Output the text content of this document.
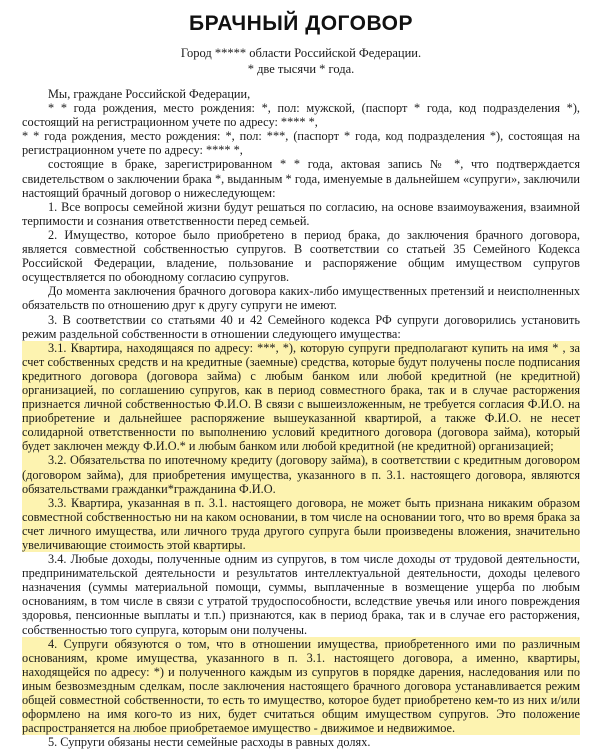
БРАЧНЫЙ ДОГОВОР
Город ***** области Российской Федерации.
* две тысячи * года.

Мы, граждане Российской Федерации,

* * года рождения, место рождения: *, пол: мужской, (паспорт * года, код подразделения *), состоящий на регистрационном учете по адресу: **** *,

* * года рождения, место рождения: *, пол: ***, (паспорт * года, код подразделения *), состоящая на регистрационном учете по адресу: **** *,

состоящие в браке, зарегистрированном * * года, актовая запись № *, что подтверждается свидетельством о заключении брака *, выданным * года, именуемые в дальнейшем «супруги», заключили настоящий брачный договор о нижеследующем:

1. Все вопросы семейной жизни будут решаться по согласию, на основе взаимоуважения, взаимной терпимости и сознания ответственности перед семьей.

2. Имущество, которое было приобретено в период брака, до заключения брачного договора, является совместной собственностью супругов. В соответствии со статьей 35 Семейного Кодекса Российской Федерации, владение, пользование и распоряжение общим имуществом супругов осуществляется по обоюдному согласию супругов.

До момента заключения брачного договора каких-либо имущественных претензий и неисполненных обязательств по отношению друг к другу супруги не имеют.

3. В соответствии со статьями 40 и 42 Семейного кодекса РФ супруги договорились установить режим раздельной собственности в отношении следующего имущества:

3.1. Квартира, находящаяся по адресу: ***, *), которую супруги предполагают купить на имя * , за счет собственных средств и на кредитные (заемные) средства, которые будут получены после подписания кредитного договора (договора займа) с любым банком или любой кредитной (не кредитной) организацией, по соглашению супругов, как в период совместного брака, так и в случае расторжения признается личной собственностью Ф.И.О. В связи с вышеизложенным, не требуется согласия Ф.И.О. на приобретение и дальнейшее распоряжение вышеуказанной квартирой, а также Ф.И.О. не несет солидарной ответственности по выполнению условий кредитного договора (договора займа), который будет заключен между Ф.И.О.* и любым банком или любой кредитной (не кредитной) организацией;

3.2. Обязательства по ипотечному кредиту (договору займа), в соответствии с кредитным договором (договором займа), для приобретения имущества, указанного в п. 3.1. настоящего договора, являются обязательствами гражданки*гражданина Ф.И.О.

3.3. Квартира, указанная в п. 3.1. настоящего договора, не может быть признана никаким образом совместной собственностью ни на каком основании, в том числе на основании того, что во время брака за счет личного имущества, или личного труда другого супруга были произведены вложения, значительно увеличивающие стоимость этой квартиры.

3.4. Любые доходы, полученные одним из супругов, в том числе доходы от трудовой деятельности, предпринимательской деятельности и результатов интеллектуальной деятельности, доходы целевого назначения (суммы материальной помощи, суммы, выплаченные в возмещение ущерба по любым основаниям, в том числе в связи с утратой трудоспособности, вследствие увечья или иного повреждения здоровья, пенсионные выплаты и т.п.) признаются, как в период брака, так и в случае его расторжения, собственностью того супруга, которым они получены.

4. Супруги обязуются о том, что в отношении имущества, приобретенного ими по различным основаниям, кроме имущества, указанного в п. 3.1. настоящего договора, а именно, квартиры, находящейся по адресу: *) и полученного каждым из супругов в порядке дарения, наследования или по иным безвозмездным сделкам, после заключения настоящего брачного договора устанавливается режим общей совместной собственности, то есть то имущество, которое будет приобретено кем-то из них и/или оформлено на имя кого-то из них, будет считаться общим имуществом супругов. Это положение распространяется на любое приобретаемое имущество - движимое и недвижимое.

5. Супруги обязаны нести семейные расходы в равных долях.
